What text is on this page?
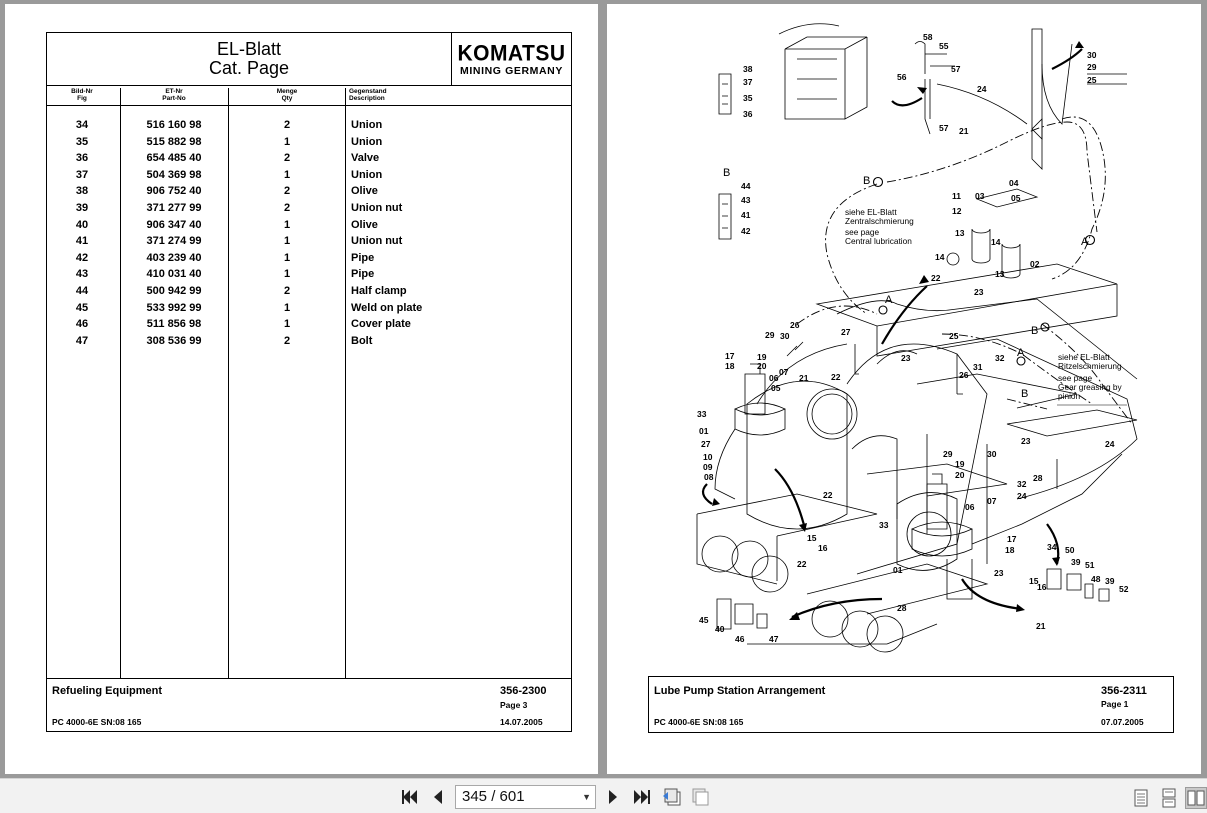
EL-Blatt
Cat. Page
KOMATSU
MINING GERMANY
Bild-Nr
Fig
ET-Nr
Part-No
Menge
Qty
Gegenstand
Description
34	516 160 98	2	Union
35	515 882 98	1	Union
36	654 485 40	2	Valve
37	504 369 98	1	Union
38	906 752 40	2	Olive
39	371 277 99	2	Union nut
40	906 347 40	1	Olive
41	371 274 99	1	Union nut
42	403 239 40	1	Pipe
43	410 031 40	1	Pipe
44	500 942 99	2	Half clamp
45	533 992 99	1	Weld on plate
46	511 856 98	1	Cover plate
47	308 536 99	2	Bolt
Refueling Equipment	356-2300
Page 3
PC 4000-6E SN:08 165	14.07.2005
siehe EL-Blatt
Zentralschmierung
see page
Central lubrication
siehe EL-Blatt
Ritzelschmierung
see page
Gear greasing by
pinion
58
55
56
57
57 21
24
30
29
25
38
37
35
36
B
44
43
41
42
B
11 03
04
12
05
13
14
14
02
22	13
23
A
A
27
26
30
29
21
19
20
07
06
05
17
18
22
23
25
31
32
26
A
B
B
33
01
27
10
09
08
22
15
16
22
29	30
19
20
32
24
07
06
28
23	24
33
17
18	34 50
39 51
48 39
52
01	23
15
16
21
45
40
46	47
28
Lube Pump Station Arrangement	356-2311
Page 1
PC 4000-6E SN:08 165	07.07.2005
345 / 601	▼
